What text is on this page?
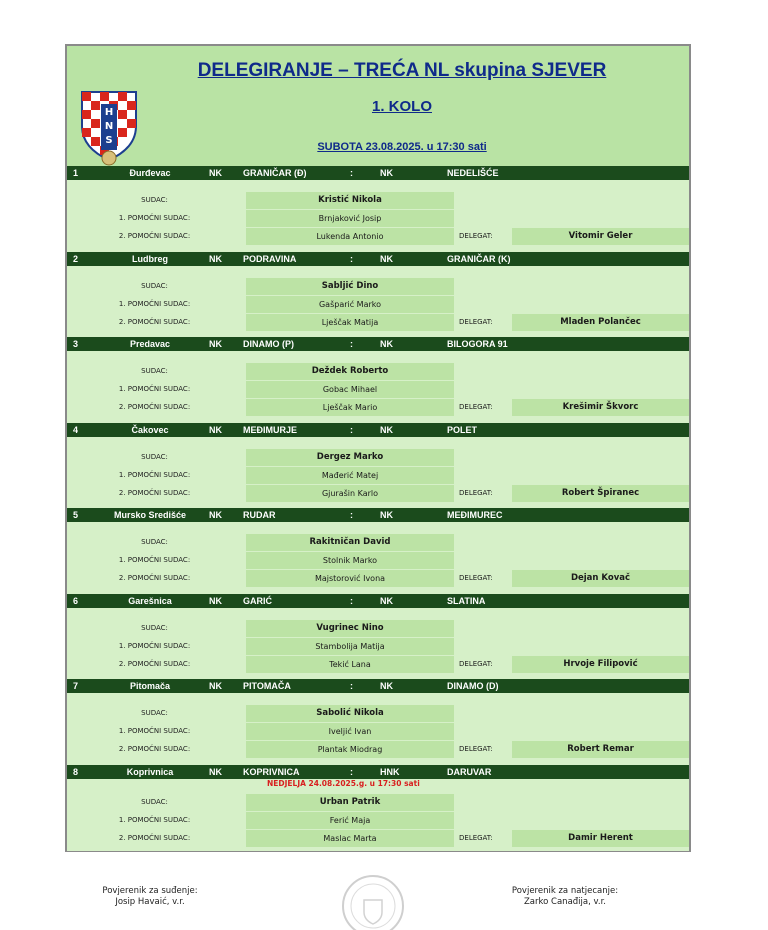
DELEGIRANJE – TREĆA NL skupina SJEVER
1. KOLO
SUBOTA 23.08.2025. u 17:30 sati
H
N
S
1	Đurđevac	NK GRANIČAR (Đ)	:	NK	NEDELIŠĆE
SUDAC:	Kristić Nikola
1. POMOĆNI SUDAC:	Brnjaković Josip
2. POMOĆNI SUDAC:	Lukenda Antonio	DELEGAT:	Vitomir Geler
2	Ludbreg	NK PODRAVINA	:	NK	GRANIČAR (K)
SUDAC:	Sabljić Dino
1. POMOĆNI SUDAC:	Gašparić Marko
2. POMOĆNI SUDAC:	Lješčak Matija	DELEGAT:	Mladen Polančec
3	Predavac	NK DINAMO (P)	:	NK	BILOGORA 91
SUDAC:	Deždek Roberto
1. POMOĆNI SUDAC:	Gobac Mihael
2. POMOĆNI SUDAC:	Lješčak Mario	DELEGAT:	Krešimir Škvorc
4	Čakovec	NK MEĐIMURJE	:	NK	POLET
SUDAC:	Dergez Marko
1. POMOĆNI SUDAC:	Mađerić Matej
2. POMOĆNI SUDAC:	Gjurašin Karlo	DELEGAT:	Robert Špiranec
5	Mursko Središće	NK RUDAR	:	NK	MEĐIMUREC
SUDAC:	Rakitničan David
1. POMOĆNI SUDAC:	Stolnik Marko
2. POMOĆNI SUDAC:	Majstorović Ivona	DELEGAT:	Dejan Kovač
6	Garešnica	NK GARIĆ	:	NK	SLATINA
SUDAC:	Vugrinec Nino
1. POMOĆNI SUDAC:	Stambolija Matija
2. POMOĆNI SUDAC:	Tekić Lana	DELEGAT:	Hrvoje Filipović
7	Pitomača	NK PITOMAČA	:	NK	DINAMO (D)
SUDAC:	Sabolić Nikola
1. POMOĆNI SUDAC:	Iveljić Ivan
2. POMOĆNI SUDAC:	Plantak Miodrag	DELEGAT:	Robert Remar
8	Koprivnica	NK KOPRIVNICA	:	HNK	DARUVAR
SUDAC:	Urban Patrik
1. POMOĆNI SUDAC:	Ferić Maja
2. POMOĆNI SUDAC:	Maslac Marta	DELEGAT:	Damir Herent
NEDJELJA 24.08.2025.g. u 17:30 sati
Povjerenik za suđenje:
Josip Havaić, v.r.
Povjerenik za natjecanje:
Zarko Canađija, v.r.
